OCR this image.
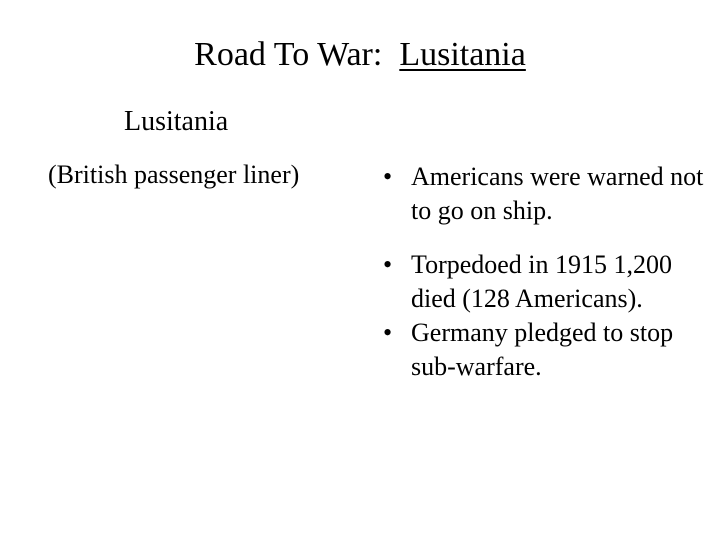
Road To War: Lusitania
Lusitania
(British passenger liner)	• Americans were warned not to go on ship.
• Torpedoed in 1915 1,200 died (128 Americans).
• Germany pledged to stop sub-warfare.
